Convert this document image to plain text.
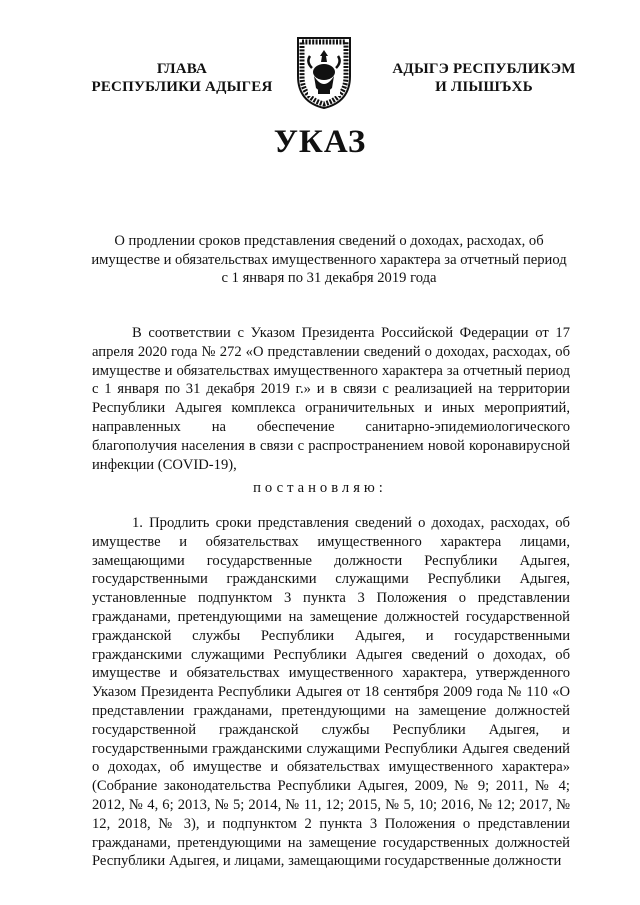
ГЛАВА
РЕСПУБЛИКИ АДЫГЕЯ
АДЫГЭ РЕСПУБЛИКЭМ
И ЛІЫШЪХЬ
УКАЗ
О продлении сроков представления сведений о доходах, расходах, об имуществе и обязательствах имущественного характера за отчетный период с 1 января по 31 декабря 2019 года
В соответствии с Указом Президента Российской Федерации от 17 апреля 2020 года № 272 «О представлении сведений о доходах, расходах, об имуществе и обязательствах имущественного характера за отчетный период с 1 января по 31 декабря 2019 г.» и в связи с реализацией на территории Республики Адыгея комплекса ограничительных и иных мероприятий, направленных на обеспечение санитарно-эпидемиологического благополучия населения в связи с распространением новой коронавирусной инфекции (COVID-19),
постановляю:
1. Продлить сроки представления сведений о доходах, расходах, об имуществе и обязательствах имущественного характера лицами, замещающими государственные должности Республики Адыгея, государственными гражданскими служащими Республики Адыгея, установленные подпунктом 3 пункта 3 Положения о представлении гражданами, претендующими на замещение должностей государственной гражданской службы Республики Адыгея, и государственными гражданскими служащими Республики Адыгея сведений о доходах, об имуществе и обязательствах имущественного характера, утвержденного Указом Президента Республики Адыгея от 18 сентября 2009 года № 110 «О представлении гражданами, претендующими на замещение должностей государственной гражданской службы Республики Адыгея, и государственными гражданскими служащими Республики Адыгея сведений о доходах, об имуществе и обязательствах имущественного характера» (Собрание законодательства Республики Адыгея, 2009, № 9; 2011, № 4; 2012, № 4, 6; 2013, № 5; 2014, № 11, 12; 2015, № 5, 10; 2016, № 12; 2017, № 12, 2018, № 3), и подпунктом 2 пункта 3 Положения о представлении гражданами, претендующими на замещение государственных должностей Республики Адыгея, и лицами, замещающими государственные должности
